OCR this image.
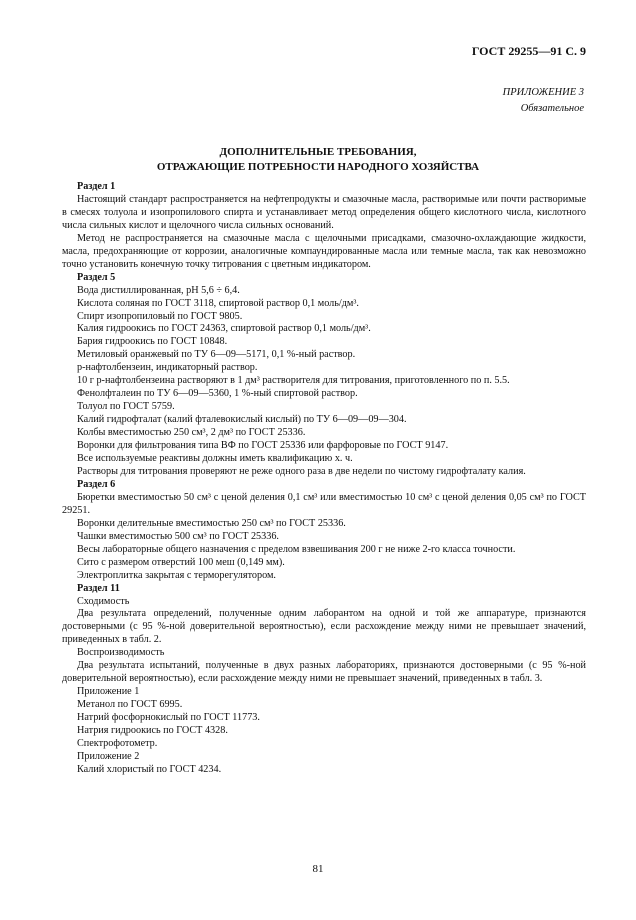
ГОСТ 29255—91 С. 9
ПРИЛОЖЕНИЕ 3
Обязательное
ДОПОЛНИТЕЛЬНЫЕ ТРЕБОВАНИЯ,
ОТРАЖАЮЩИЕ ПОТРЕБНОСТИ НАРОДНОГО ХОЗЯЙСТВА

Раздел 1

Настоящий стандарт распространяется на нефтепродукты и смазочные масла, растворимые или почти растворимые в смесях толуола и изопропилового спирта и устанавливает метод определения общего кислотного числа, кислотного числа сильных кислот и щелочного числа сильных оснований.

Метод не распространяется на смазочные масла с щелочными присадками, смазочно-охлаждающие жидкости, масла, предохраняющие от коррозии, аналогичные компаундированные масла или темные масла, так как невозможно точно установить конечную точку титрования с цветным индикатором.

Раздел 5

Вода дистиллированная, рН 5,6 ÷ 6,4.

Кислота соляная по ГОСТ 3118, спиртовой раствор 0,1 моль/дм³.

Спирт изопропиловый по ГОСТ 9805.

Калия гидроокись по ГОСТ 24363, спиртовой раствор 0,1 моль/дм³.

Бария гидроокись по ГОСТ 10848.

Метиловый оранжевый по ТУ 6—09—5171, 0,1 %-ный раствор.

р-нафтолбензеин, индикаторный раствор.

10 г р-нафтолбензеина растворяют в 1 дм³ растворителя для титрования, приготовленного по п. 5.5.

Фенолфталеин по ТУ 6—09—5360, 1 %-ный спиртовой раствор.

Толуол по ГОСТ 5759.

Калий гидрофталат (калий фталевокислый кислый) по ТУ 6—09—09—304.

Колбы вместимостью 250 см³, 2 дм³ по ГОСТ 25336.

Воронки для фильтрования типа ВФ по ГОСТ 25336 или фарфоровые по ГОСТ 9147.

Все используемые реактивы должны иметь квалификацию х. ч.

Растворы для титрования проверяют не реже одного раза в две недели по чистому гидрофталату калия.

Раздел 6

Бюретки вместимостью 50 см³ с ценой деления 0,1 см³ или вместимостью 10 см³ с ценой деления 0,05 см³ по ГОСТ 29251.

Воронки делительные вместимостью 250 см³ по ГОСТ 25336.

Чашки вместимостью 500 см³ по ГОСТ 25336.

Весы лабораторные общего назначения с пределом взвешивания 200 г не ниже 2-го класса точности.

Сито с размером отверстий 100 меш (0,149 мм).

Электроплитка закрытая с терморегулятором.

Раздел 11

Сходимость

Два результата определений, полученные одним лаборантом на одной и той же аппаратуре, признаются достоверными (с 95 %-ной доверительной вероятностью), если расхождение между ними не превышает значений, приведенных в табл. 2.

Воспроизводимость

Два результата испытаний, полученные в двух разных лабораториях, признаются достоверными (с 95 %-ной доверительной вероятностью), если расхождение между ними не превышает значений, приведенных в табл. 3.

Приложение 1

Метанол по ГОСТ 6995.

Натрий фосфорнокислый по ГОСТ 11773.

Натрия гидроокись по ГОСТ 4328.

Спектрофотометр.

Приложение 2

Калий хлористый по ГОСТ 4234.

81
